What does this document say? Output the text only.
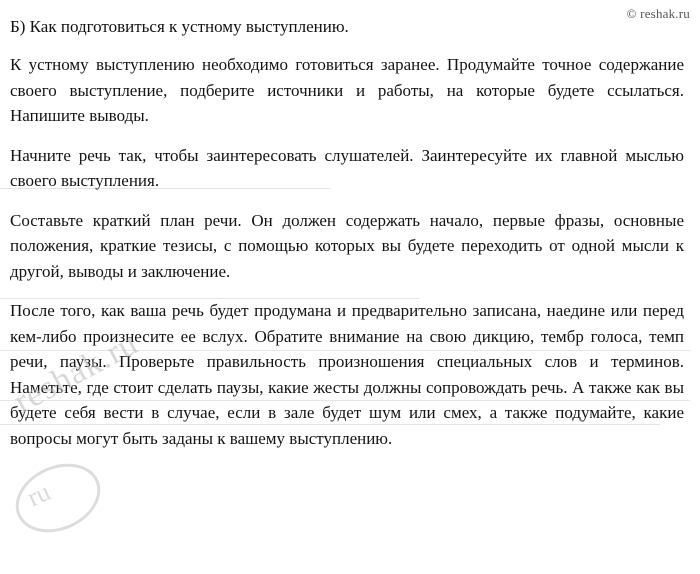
© reshak.ru
Б) Как подготовиться к устному выступлению.

К устному выступлению необходимо готовиться заранее. Продумайте точное содержание своего выступление, подберите источники и работы, на которые будете ссылаться. Напишите выводы.

Начните речь так, чтобы заинтересовать слушателей. Заинтересуйте их главной мыслью своего выступления.

Составьте краткий план речи. Он должен содержать начало, первые фразы, основные положения, краткие тезисы, с помощью которых вы будете переходить от одной мысли к другой, выводы и заключение.

После того, как ваша речь будет продумана и предварительно записана, наедине или перед кем-либо произнесите ее вслух. Обратите внимание на свою дикцию, тембр голоса, темп речи, паузы. Проверьте правильность произношения специальных слов и терминов. Наметьте, где стоит сделать паузы, какие жесты должны сопровождать речь. А также как вы будете себя вести в случае, если в зале будет шум или смех, а также подумайте, какие вопросы могут быть заданы к вашему выступлению.

reshak.ru
ru
